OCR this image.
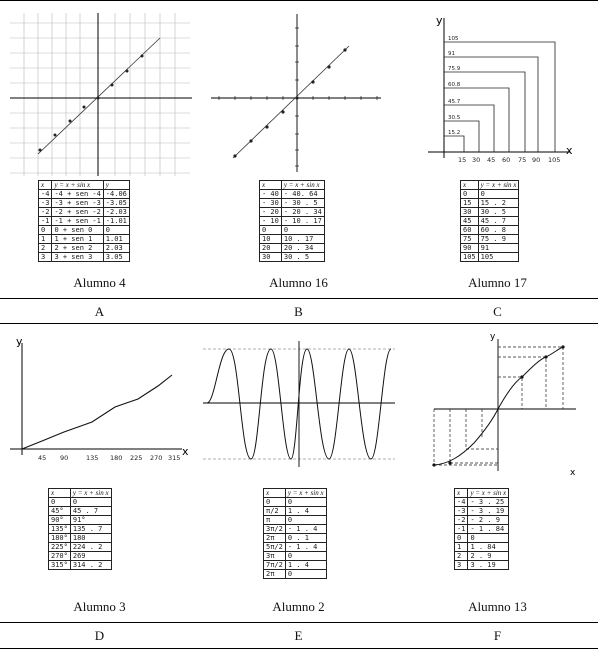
x	y = x + sin x	y
-4	-4 + sen -4	-4.06
-3	-3 + sen -3	-3.05
-2	-2 + sen -2	-2.03
-1	-1 + sen -1	-1.01
0	0 + sen 0	0
1	1 + sen 1	1.01
2	2 + sen 2	2.03
3	3 + sen 3	3.05
Alumno 4
A
x	y = x + sin x
- 40	- 40. 64
- 30	- 30 . 5
- 20	- 20 . 34
- 10	- 10 . 17
0	0
10	10 . 17
20	20 . 34
30	30 . 5
Alumno 16
B
y
x
105
91
75.9
60.8
45.7
30.5
15.2
15 30 45 60 75 90 105
x	y = x + sin x
0	0
15	15 . 2
30	30 . 5
45	45 . 7
60	60 . 8
75	75 . 9
90	91
105	105
Alumno 17
C
y
x
45 90	135 180 225 270 315
x	y = x + sin x
0	0
45°	45 . 7
90°	91°
135°	135 . 7
180°	180
225°	224 . 2
270°	269
315°	314 . 2
Alumno 3
D
x	y = x + sin x
0	0
π/2	1 . 4
π	0
3π/2	- 1 . 4
2π	0 . 1
5π/2	- 1 . 4
3π	0
7π/2	1 . 4
2π	0
Alumno 2
E
y
x
x	y = x + sin x
-4	- 3 . 25
-3	- 3 . 19
-2	- 2 . 9
-1	- 1 . 84
0	0
1	1 . 84
2	2 . 9
3	3 . 19
Alumno 13
F
